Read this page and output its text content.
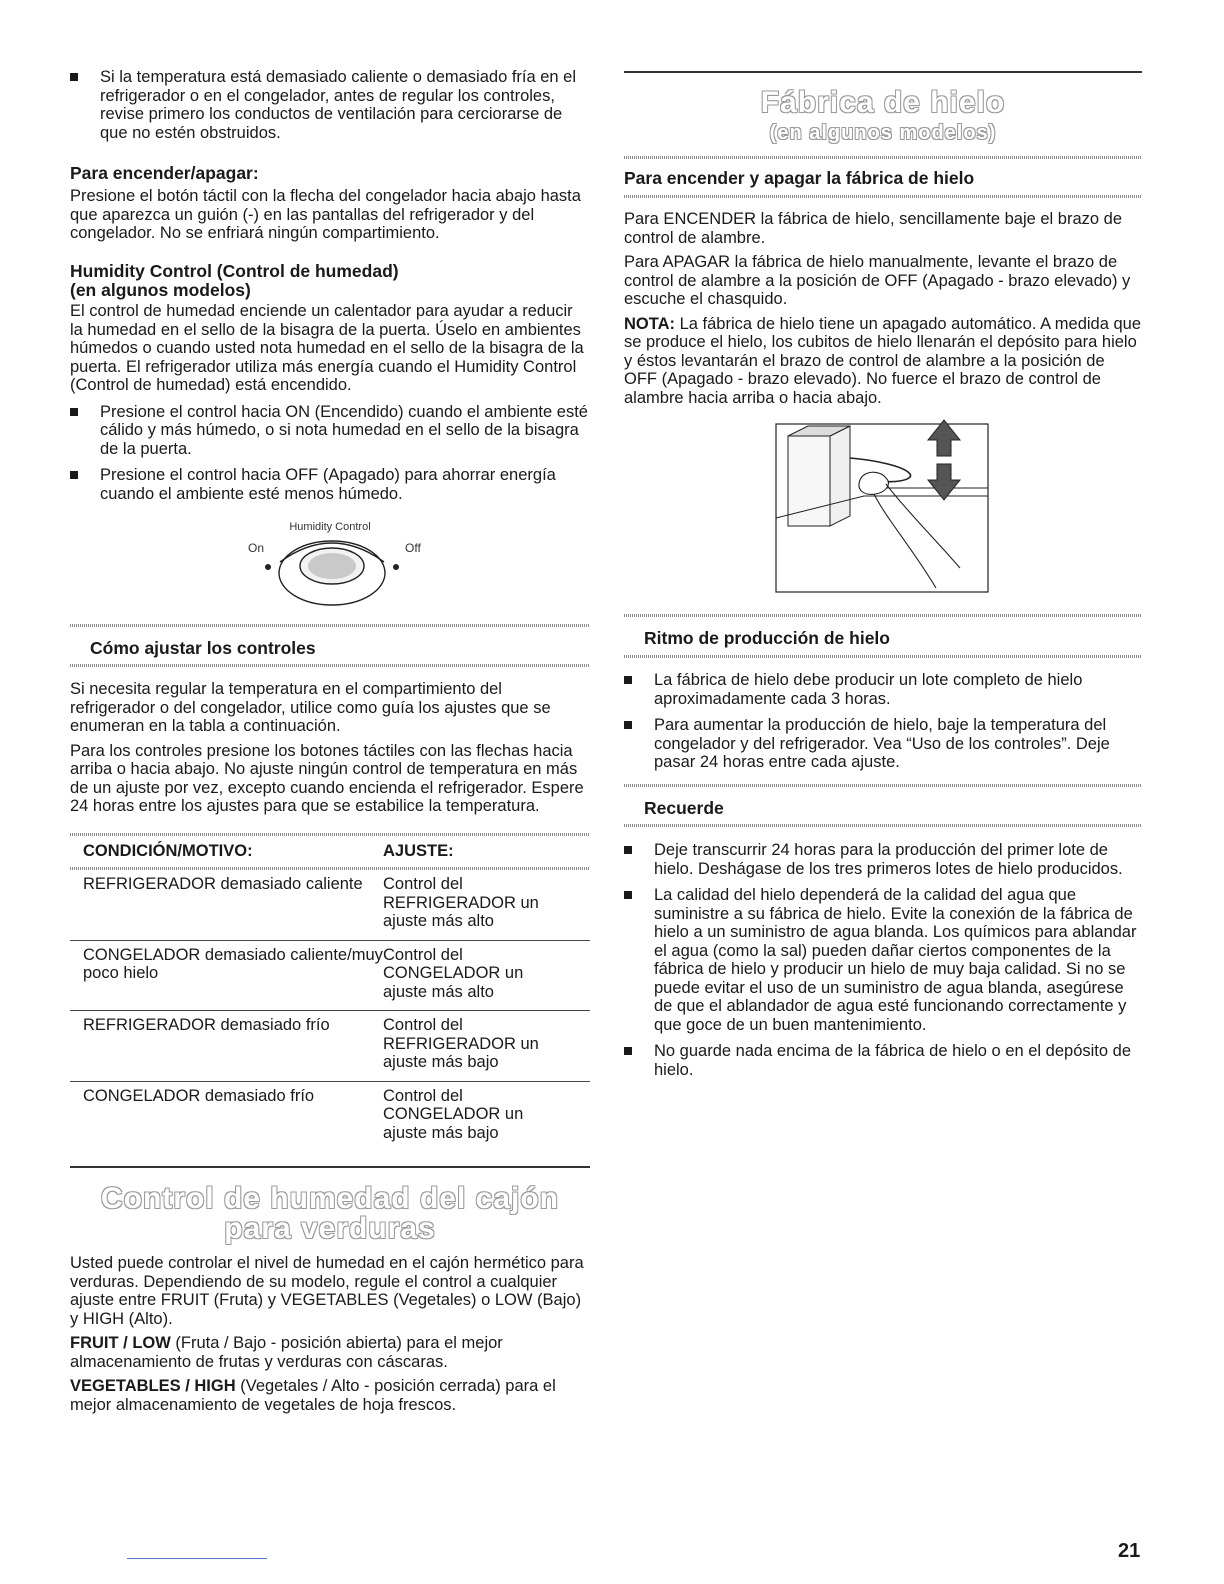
Si la temperatura está demasiado caliente o demasiado fría en el refrigerador o en el congelador, antes de regular los controles, revise primero los conductos de ventilación para cerciorarse de que no estén obstruidos.
Para encender/apagar:

Presione el botón táctil con la flecha del congelador hacia abajo hasta que aparezca un guión (-) en las pantallas del refrigerador y del congelador. No se enfriará ningún compartimiento.

Humidity Control (Control de humedad)
(en algunos modelos)

El control de humedad enciende un calentador para ayudar a reducir la humedad en el sello de la bisagra de la puerta. Úselo en ambientes húmedos o cuando usted nota humedad en el sello de la bisagra de la puerta. El refrigerador utiliza más energía cuando el Humidity Control (Control de humedad) está encendido.

Presione el control hacia ON (Encendido) cuando el ambiente esté cálido y más húmedo, o si nota humedad en el sello de la bisagra de la puerta.
Presione el control hacia OFF (Apagado) para ahorrar energía cuando el ambiente esté menos húmedo.
Humidity Control
On	Off
Cómo ajustar los controles

Si necesita regular la temperatura en el compartimiento del refrigerador o del congelador, utilice como guía los ajustes que se enumeran en la tabla a continuación.

Para los controles presione los botones táctiles con las flechas hacia arriba o hacia abajo. No ajuste ningún control de temperatura en más de un ajuste por vez, excepto cuando encienda el refrigerador. Espere 24 horas entre los ajustes para que se estabilice la temperatura.

CONDICIÓN/MOTIVO:	AJUSTE:

REFRIGERADOR demasiado caliente	Control del REFRIGERADOR un ajuste más alto
CONGELADOR demasiado caliente/muy poco hielo	Control del CONGELADOR un ajuste más alto
REFRIGERADOR demasiado frío	Control del REFRIGERADOR un ajuste más bajo
CONGELADOR demasiado frío	Control del CONGELADOR un ajuste más bajo
Control de humedad del cajón para verduras

Usted puede controlar el nivel de humedad en el cajón hermético para verduras. Dependiendo de su modelo, regule el control a cualquier ajuste entre FRUIT (Fruta) y VEGETABLES (Vegetales) o LOW (Bajo) y HIGH (Alto).

FRUIT / LOW (Fruta / Bajo - posición abierta) para el mejor almacenamiento de frutas y verduras con cáscaras.

VEGETABLES / HIGH (Vegetales / Alto - posición cerrada) para el mejor almacenamiento de vegetales de hoja frescos.

Fábrica de hielo
(en algunos modelos)
Para encender y apagar la fábrica de hielo

Para ENCENDER la fábrica de hielo, sencillamente baje el brazo de control de alambre.

Para APAGAR la fábrica de hielo manualmente, levante el brazo de control de alambre a la posición de OFF (Apagado - brazo elevado) y escuche el chasquido.

NOTA: La fábrica de hielo tiene un apagado automático. A medida que se produce el hielo, los cubitos de hielo llenarán el depósito para hielo y éstos levantarán el brazo de control de alambre a la posición de OFF (Apagado - brazo elevado). No fuerce el brazo de control de alambre hacia arriba o hacia abajo.

Ritmo de producción de hielo
La fábrica de hielo debe producir un lote completo de hielo aproximadamente cada 3 horas.
Para aumentar la producción de hielo, baje la temperatura del congelador y del refrigerador. Vea “Uso de los controles”. Deje pasar 24 horas entre cada ajuste.
Recuerde
Deje transcurrir 24 horas para la producción del primer lote de hielo. Deshágase de los tres primeros lotes de hielo producidos.
La calidad del hielo dependerá de la calidad del agua que suministre a su fábrica de hielo. Evite la conexión de la fábrica de hielo a un suministro de agua blanda. Los químicos para ablandar el agua (como la sal) pueden dañar ciertos componentes de la fábrica de hielo y producir un hielo de muy baja calidad. Si no se puede evitar el uso de un suministro de agua blanda, asegúrese de que el ablandador de agua esté funcionando correctamente y que goce de un buen mantenimiento.
No guarde nada encima de la fábrica de hielo o en el depósito de hielo.
21
